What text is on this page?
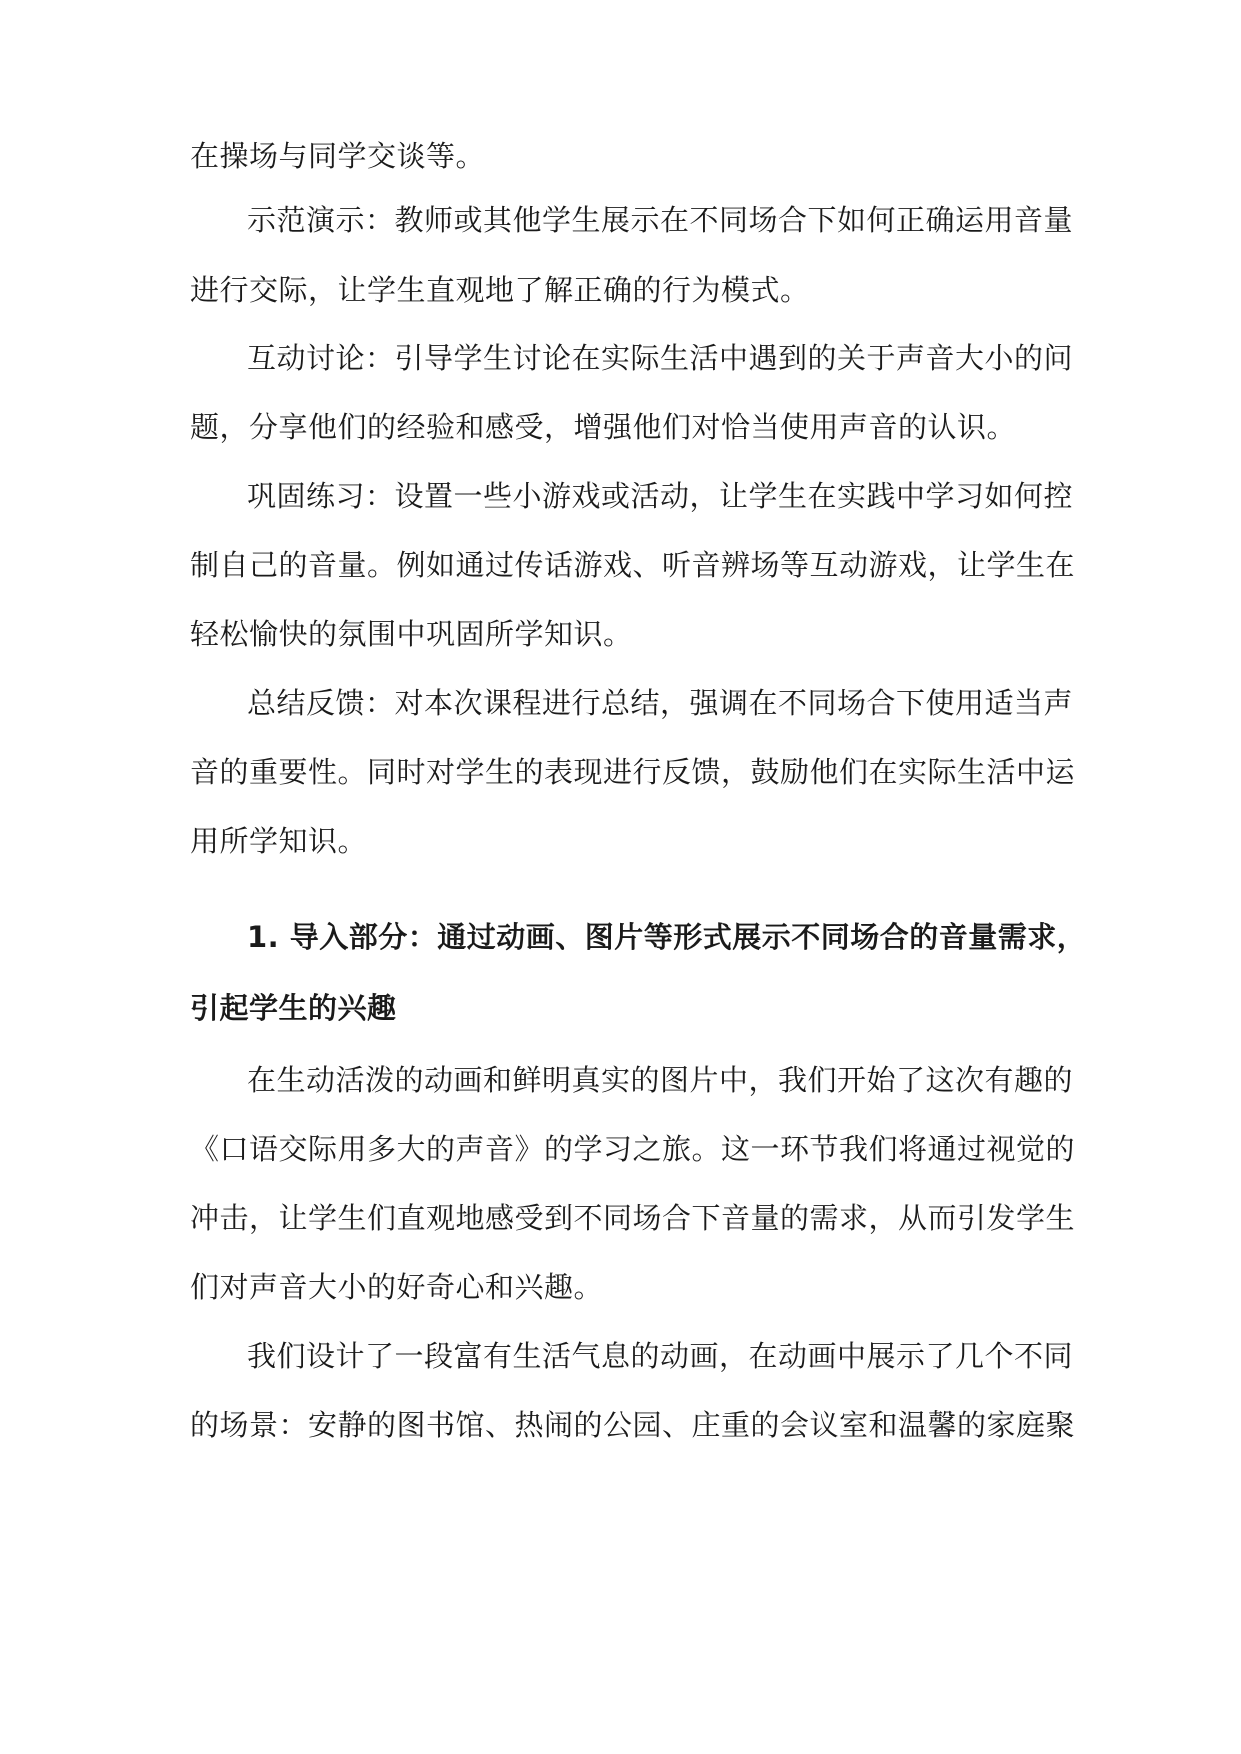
在操场与同学交谈等。
示范演示：教师或其他学生展示在不同场合下如何正确运用音量
进行交际，让学生直观地了解正确的行为模式。
互动讨论：引导学生讨论在实际生活中遇到的关于声音大小的问
题，分享他们的经验和感受，增强他们对恰当使用声音的认识。
巩固练习：设置一些小游戏或活动，让学生在实践中学习如何控
制自己的音量。例如通过传话游戏、听音辨场等互动游戏，让学生在
轻松愉快的氛围中巩固所学知识。
总结反馈：对本次课程进行总结，强调在不同场合下使用适当声
音的重要性。同时对学生的表现进行反馈，鼓励他们在实际生活中运
用所学知识。
1. 导入部分：通过动画、图片等形式展示不同场合的音量需求，
引起学生的兴趣
在生动活泼的动画和鲜明真实的图片中，我们开始了这次有趣的
《口语交际用多大的声音》的学习之旅。这一环节我们将通过视觉的
冲击，让学生们直观地感受到不同场合下音量的需求，从而引发学生
们对声音大小的好奇心和兴趣。
我们设计了一段富有生活气息的动画，在动画中展示了几个不同
的场景：安静的图书馆、热闹的公园、庄重的会议室和温馨的家庭聚
